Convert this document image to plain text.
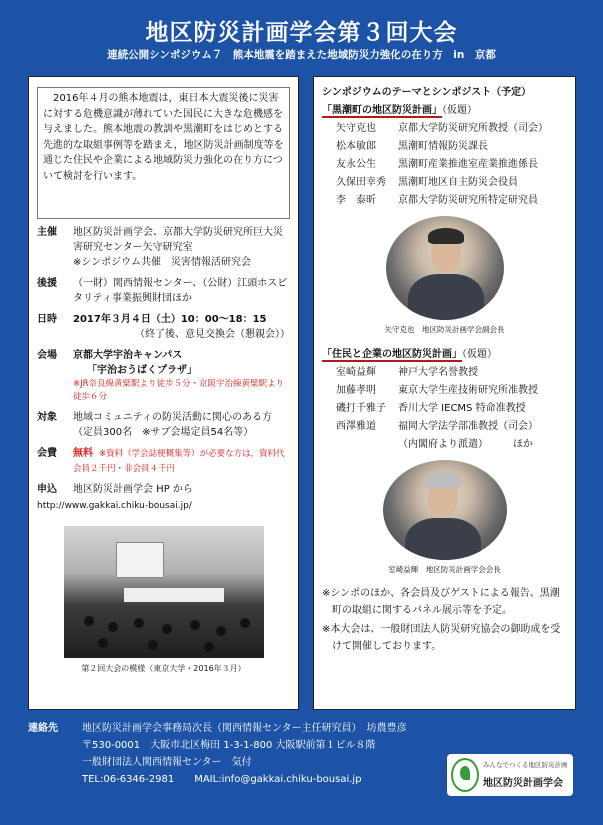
地区防災計画学会第３回大会
連続公開シンポジウム７　熊本地震を踏まえた地域防災力強化の在り方　in　京都
2016年４月の熊本地震は，東日本大震災後に災害に対する危機意識が薄れていた国民に大きな危機感を与えました。熊本地震の教訓や黒潮町をはじめとする先進的な取組事例等を踏まえ，地区防災計画制度等を通じた住民や企業による地域防災力強化の在り方について検討を行います。
主催	地区防災計画学会、京都大学防災研究所巨大災害研究センター矢守研究室
※シンポジウム共催　災害情報活研究会
後援	（一財）関西情報センター、（公財）江頭ホスピタリティ事業振興財団ほか
日時	2017年３月４日（土）10：00～18：15
（終了後、意見交換会（懇親会））
会場	京都大学宇治キャンパス
「宇治おうばくプラザ」
※JR奈良線黄檗駅より徒歩５分・京阪宇治線黄檗駅より徒歩６分
対象	地域コミュニティの防災活動に関心のある方（定員300名　※サブ会場定員54名等）
会費	無料 ※資料（学会誌梗概集等）が必要な方は，資料代会員２千円・非会員４千円
申込	地区防災計画学会 HP から
http://www.gakkai.chiku-bousai.jp/
第２回大会の模様（東京大学・2016年３月）
シンポジウムのテーマとシンポジスト（予定）
「黒潮町の地区防災計画」（仮題）
矢守克也	京都大学防災研究所教授（司会）
松本敏郎	黒潮町情報防災課長
友永公生	黒潮町産業推進室産業推進係長
久保田幸秀	黒潮町地区自主防災会役員
李　泰昕	京都大学防災研究所特定研究員
矢守克也　地区防災計画学会副会長
「住民と企業の地区防災計画」（仮題）
室崎益輝	神戸大学名誉教授
加藤孝明	東京大学生産技術研究所准教授
磯打千雅子	香川大学 IECMS 特命准教授
西澤雅道	福岡大学法学部准教授（司会）
（内閣府より派遣）　　　ほか
室崎益輝　地区防災計画学会会長
※シンポのほか、各会員及びゲストによる報告、黒潮町の取組に関するパネル展示等を予定。
※本大会は、一般財団法人防災研究協会の御助成を受けて開催しております。
連絡先 地区防災計画学会事務局次長（関西情報センター主任研究員）　坊農豊彦
〒530-0001　大阪市北区梅田 1-3-1-800 大阪駅前第１ビル８階
一般財団法人関西情報センター　気付
TEL:06-6346-2981　　MAIL:info@gakkai.chiku-bousai.jp
みんなでつくる地区防災計画
地区防災計画学会
